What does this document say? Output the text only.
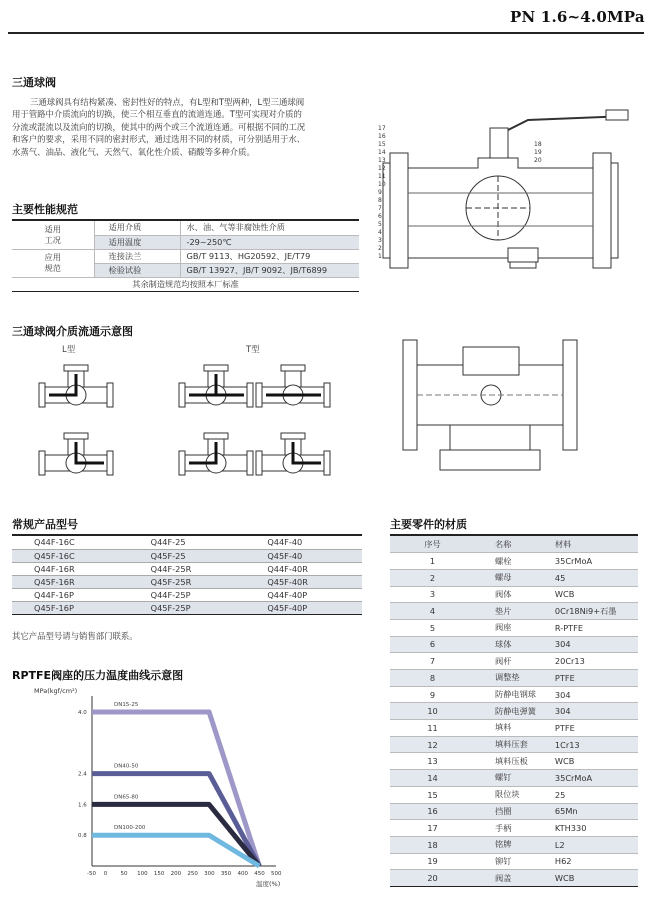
PN 1.6~4.0MPa
三通球阀
三通球阀具有结构紧凑、密封性好的特点，有L型和T型两种，L型三通球阀
用于管路中介质流向的切换，使三个相互垂直的流道连通。T型可实现对介质的
分流或混流以及流向的切换，使其中的两个或三个流道连通。可根据不同的工况
和客户的要求，采用不同的密封形式，通过选用不同的材质，可分别适用于水、
水蒸气、油品、液化气、天然气、氧化性介质、硝酸等多种介质。
主要性能规范
适用
工况	适用介质	水、油、气等非腐蚀性介质
	适用温度	-29~250℃
应用
规范	连接法兰	GB/T 9113、HG20592、JE/T79
	检验试验	GB/T 13927、JB/T 9092、JB/T6899
其余制造规范均按照本厂标准		
17
16
15
14
13
12
11
10
9
8
7
6
5
4
3
2
1
18
19
20
三通球阀介质流通示意图
L型	T型
常规产品型号
Q44F-16C	Q44F-25	Q44F-40
Q45F-16C	Q45F-25	Q45F-40
Q44F-16R	Q44F-25R	Q44F-40R
Q45F-16R	Q45F-25R	Q45F-40R
Q44F-16P	Q44F-25P	Q44F-40P
Q45F-16P	Q45F-25P	Q45F-40P
其它产品型号请与销售部门联系。
RPTFE阀座的压力温度曲线示意图
MPa(kgf/cm²)
4.0
2.4
1.6
0.8
-50 0 50 100 150 200 250 300 350 400 450 500
DN15-25
DN40-50
DN65-80
DN100-200
温度(%)
主要零件的材质
序号	名称	材料
1	螺栓	35CrMoA
2	螺母	45
3	阀体	WCB
4	垫片	0Cr18Ni9+石墨
5	阀座	R-PTFE
6	球体	304
7	阀杆	20Cr13
8	调整垫	PTFE
9	防静电钢球	304
10	防静电弹簧	304
11	填料	PTFE
12	填料压套	1Cr13
13	填料压板	WCB
14	螺钉	35CrMoA
15	限位块	25
16	挡圈	65Mn
17	手柄	KTH330
18	铭牌	L2
19	铆钉	H62
20	阀盖	WCB
